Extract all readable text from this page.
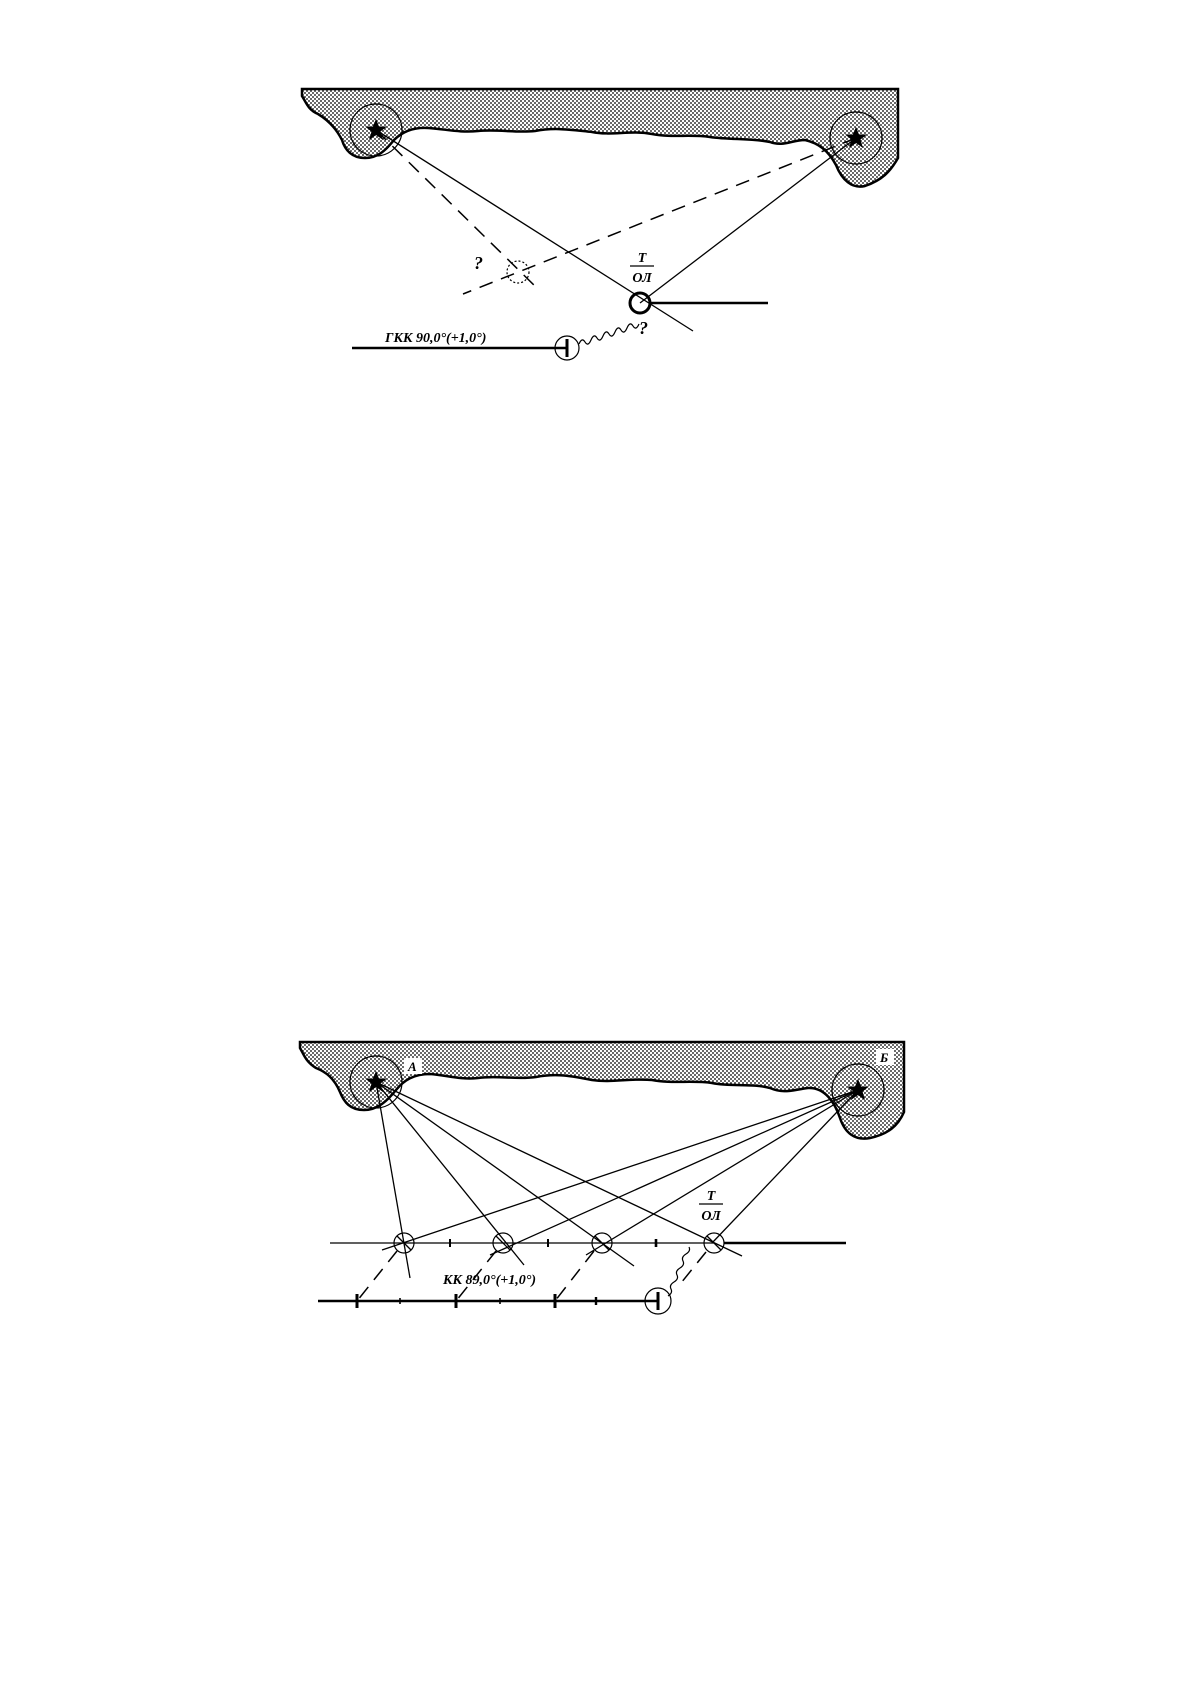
?
?
Т
ОЛ
ГКК 90,0°(+1,0°)
А
Б
Т
ОЛ
КК 89,0°(+1,0°)
